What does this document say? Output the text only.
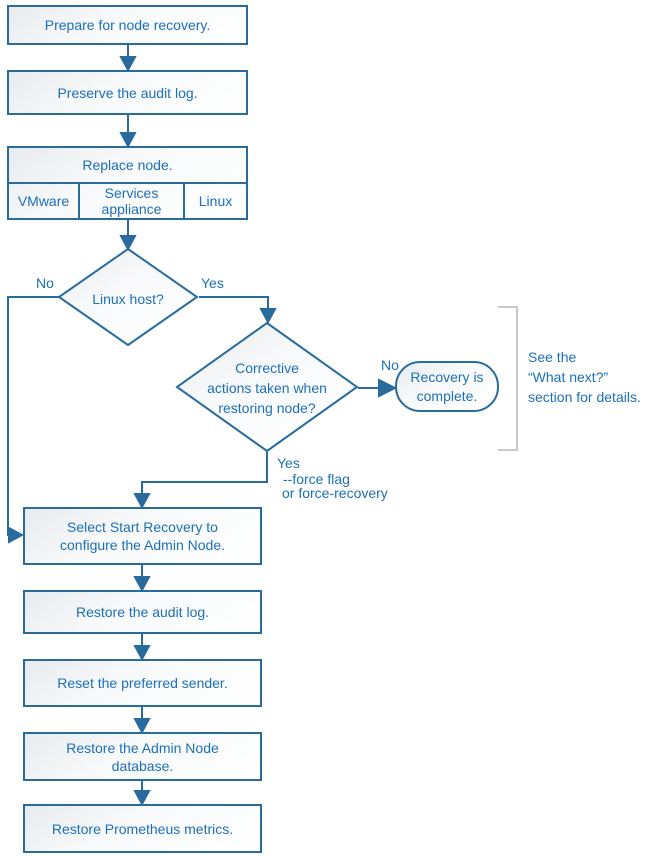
Prepare for node recovery.
Preserve the audit log.
Replace node.
VMware	Services appliance	Linux
Linux host?
Corrective
actions taken when
restoring node?
Recovery is
complete.
No	Yes
No
Yes
--force flag
or force-recovery
See the
“What next?”
section for details.
Select Start Recovery to
configure the Admin Node.
Restore the audit log.
Reset the preferred sender.
Restore the Admin Node
database.
Restore Prometheus metrics.
